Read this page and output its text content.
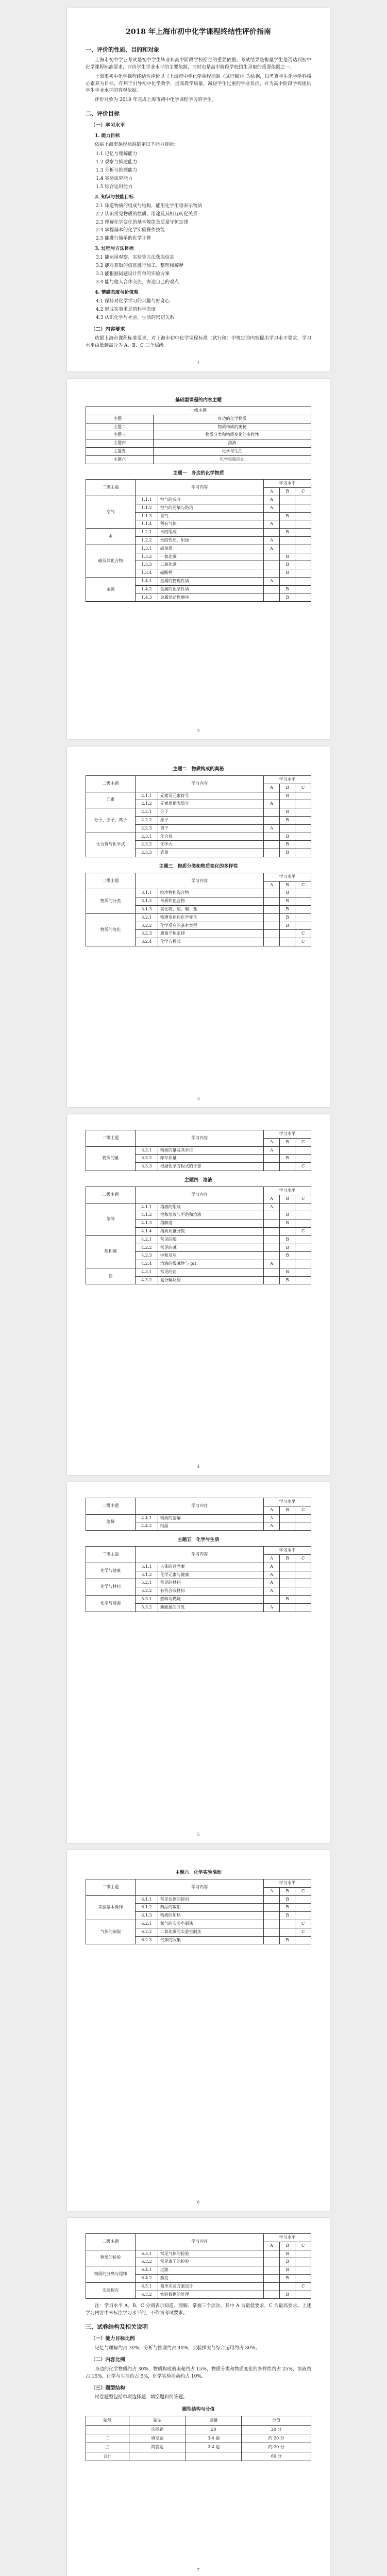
2018 年上海市初中化学课程终结性评价指南
一、评价的性质、目的和对象

上海市初中学业考试是初中学生毕业和高中阶段学校招生的重要依据。考试结果是衡量学生是否达到初中化学课程标准要求，评价学生学业水平的主要依据，同时也是高中阶段学校招生录取的重要依据之一。

上海市初中化学课程终结性评价以《上海市中学化学课程标准（试行稿）》为依据，以考查学生化学学科核心素养为目标，有利于引导初中化学教学，提高教学质量，减轻学生过重的学业负担，并为高中阶段学校提供学生学业水平的客观依据。

评价对象为 2018 年完成上海市初中化学课程学习的学生。

二、评价目标
（一）学习水平
1. 能力目标

依据上海市课程标准确定以下能力目标：

1.1 记忆与理解能力

1.2 观察与描述能力

1.3 分析与推理能力

1.4 实验探究能力

1.5 综合运用能力

2. 知识与技能目标

2.1 知道物质的组成与结构，能用化学用语表示物质

2.2 认识常见物质的性质、用途及其相互转化关系

2.3 理解化学变化的基本规律及质量守恒定律

2.4 掌握基本的化学实验操作技能

2.5 能进行简单的化学计算

3. 过程与方法目标

3.1 能运用观察、实验等方法获取信息

3.2 能对获取的信息进行加工、整理和解释

3.3 能根据问题设计简单的实验方案

3.4 能与他人合作交流，表达自己的观点

4. 情感态度与价值观

4.1 保持对化学学习的兴趣与好奇心

4.2 形成实事求是的科学态度

4.3 认识化学与社会、生活的密切关系

（二）内容要求

依据上海市课程标准要求，对上海市初中化学课程标准（试行稿）中规定的内容提出学习水平要求，学习水平由低到高分为 A、B、C 三个层级。

1
基础型课程的内容主题
一级主题	
主题一	身边的化学物质
主题二	物质构成的奥秘
主题三	物质分类和物质变化的多样性
主题四	溶液
主题五	化学与生活
主题六	化学实验活动
主题一　身边的化学物质
二级主题	学习内容		学习水平		
			A	B	C
空气	1.1.1	空气的成分	A		
	1.1.2	空气的污染与防治	A		
	1.1.3	氧气		B	
	1.1.4	稀有气体	A		
水	1.2.1	水的组成		B	
	1.2.2	水的性质、用途	A		
碳及其化合物	1.3.1	碳单质	A		
	1.3.2	一氧化碳		B	
	1.3.3	二氧化碳		B	
	1.3.4	碳酸钙		B	
金属	1.4.1	金属的物理性质	A		
	1.4.2	金属的化学性质		B	
	1.4.3	金属活动性顺序		B	
2
主题二　物质构成的奥秘
二级主题	学习内容		学习水平		
			A	B	C
元素	2.1.1	元素及元素符号		B	
	2.1.2	元素周期表简介	A		
分子、原子、离子	2.2.1	分子		B	
	2.2.2	原子		B	
	2.2.3	离子	A		
化合价与化学式	2.3.1	化合价		B	
	2.3.2	化学式		B	
	2.3.3	式量		B	
主题三　物质分类和物质变化的多样性
二级主题	学习内容		学习水平		
			A	B	C
物质的分类	3.1.1	纯净物和混合物		B	
	3.1.2	单质和化合物		B	
	3.1.3	氧化物、酸、碱、盐		B	
物质的变化	3.2.1	物理变化和化学变化		B	
	3.2.2	化学反应的基本类型		B	
	3.2.3	质量守恒定律			C
	3.2.4	化学方程式			C
3
二级主题	学习内容		学习水平		
			A	B	C
物质的量	3.3.1	物质的量及其单位	A		
	3.3.2	摩尔质量		B	
	3.3.3	根据化学方程式的计算			C
主题四　溶液
二级主题	学习内容		学习水平		
			A	B	C
溶液	4.1.1	溶液的组成	A		
	4.1.2	饱和溶液与不饱和溶液		B	
	4.1.3	溶解度		B	
	4.1.4	溶质质量分数			C
酸和碱	4.2.1	常见的酸		B	
	4.2.2	常见的碱		B	
	4.2.3	中和反应		B	
	4.2.4	溶液的酸碱性与 pH	A		
盐	4.3.1	常见的盐		B	
	4.3.2	复分解反应		B	
4
二级主题	学习内容		学习水平		
			A	B	C
溶解	4.4.1	物质的溶解	A		
	4.4.2	结晶	A		
主题五　化学与生活
二级主题	学习内容		学习水平		
			A	B	C
化学与健康	5.1.1	人体的营养素	A		
	5.1.2	化学元素与健康	A		
化学与材料	5.2.1	常见的材料	A		
	5.2.2	有机合成材料	A		
化学与能源	5.3.1	燃料与燃烧		B	
	5.3.2	新能源的开发	A		
5
主题六　化学实验活动
二级主题	学习内容		学习水平		
			A	B	C
实验基本操作	6.1.1	常见仪器的使用		B	
	6.1.2	药品的取用		B	
	6.1.3	物质的加热		B	
气体的制取	6.2.1	氧气的实验室制法			C
	6.2.2	二氧化碳的实验室制法			C
	6.2.3	气体的收集		B	
6
二级主题	学习内容		学习水平		
			A	B	C
物质的检验	6.3.1	常见气体的检验		B	
	6.3.2	常见离子的检验		B	
物质的分离与提纯	6.4.1	过滤		B	
	6.4.2	蒸发		B	
实验探究	6.5.1	简单实验方案设计			C
	6.5.2	实验数据的处理		B	

注：学习水平 A、B、C 分别表示知道、理解、掌握三个层次。其中 A 为最低要求，C 为最高要求。上述学习内容中未标注学习水平的，不作为考试要求。

三、试卷结构及相关说明
（一）能力目标比例

记忆与理解约占 30%，分析与推理约占 40%，实验探究与综合运用约占 30%。

（二）内容比例

身边的化学物质约占 30%，物质构成的奥秘约占 15%，物质分类和物质变化的多样性约占 25%，溶液约占 15%，化学与生活约占 5%，化学实验活动约占 10%。

（三）题型结构

试卷题型包括单项选择题、填空题和简答题。

题型结构与分值
题号	题型	题量	分值
一	选择题	20	20 分
二	填空题	3-4 题	约 20 分
三	简答题	2-4 题	约 20 分
合计			60 分
7
